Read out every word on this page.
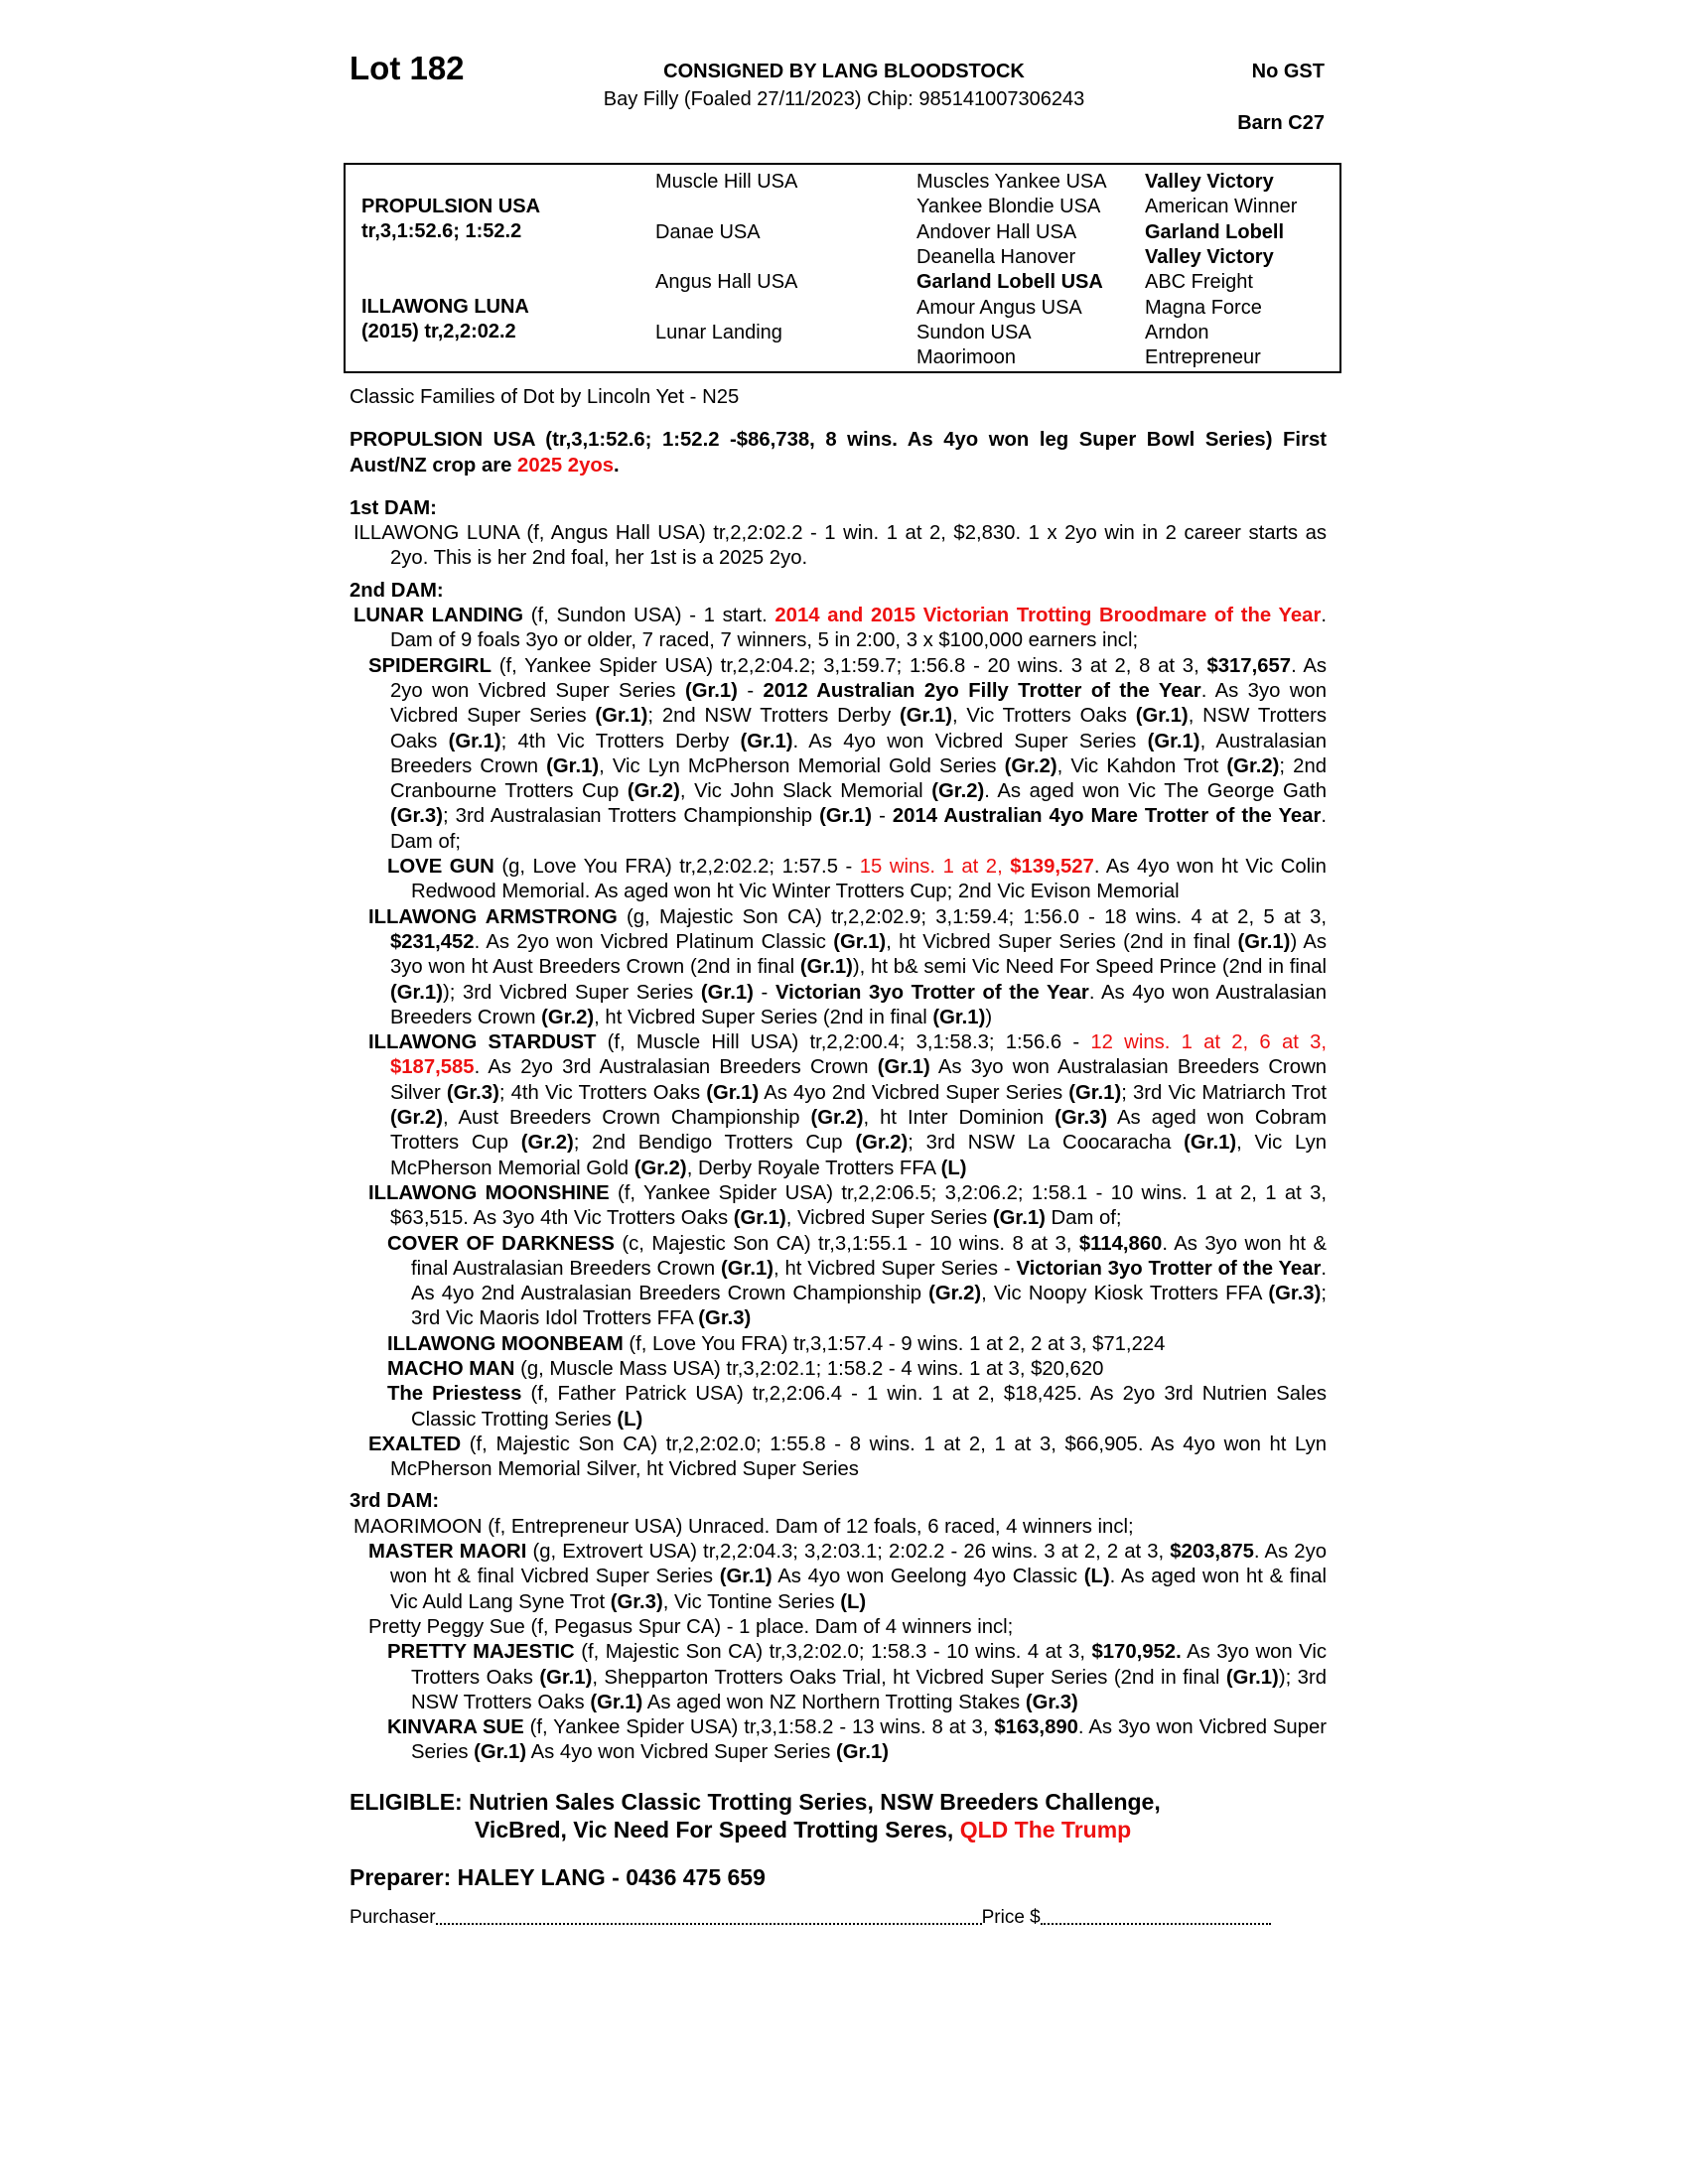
Lot 182	CONSIGNED BY LANG BLOODSTOCK
Bay Filly (Foaled 27/11/2023) Chip: 985141007306243
No GST
Barn C27
PROPULSION USA
tr,3,1:52.6; 1:52.2
ILLAWONG LUNA
(2015) tr,2,2:02.2
Muscle Hill USA
Danae USA
Angus Hall USA
Lunar Landing
Muscles Yankee USA
Yankee Blondie USA
Andover Hall USA
Deanella Hanover
Garland Lobell USA
Amour Angus USA
Sundon USA
Maorimoon
Valley Victory
American Winner
Garland Lobell
Valley Victory
ABC Freight
Magna Force
Arndon
Entrepreneur

Classic Families of Dot by Lincoln Yet - N25

PROPULSION USA (tr,3,1:52.6; 1:52.2 -$86,738, 8 wins. As 4yo won leg Super Bowl Series) First Aust/NZ crop are 2025 2yos.

1st DAM:

ILLAWONG LUNA (f, Angus Hall USA) tr,2,2:02.2 - 1 win. 1 at 2, $2,830. 1 x 2yo win in 2 career starts as 2yo. This is her 2nd foal, her 1st is a 2025 2yo.

2nd DAM:

LUNAR LANDING (f, Sundon USA) - 1 start. 2014 and 2015 Victorian Trotting Broodmare of the Year. Dam of 9 foals 3yo or older, 7 raced, 7 winners, 5 in 2:00, 3 x $100,000 earners incl;

SPIDERGIRL (f, Yankee Spider USA) tr,2,2:04.2; 3,1:59.7; 1:56.8 - 20 wins. 3 at 2, 8 at 3, $317,657. As 2yo won Vicbred Super Series (Gr.1) - 2012 Australian 2yo Filly Trotter of the Year. As 3yo won Vicbred Super Series (Gr.1); 2nd NSW Trotters Derby (Gr.1), Vic Trotters Oaks (Gr.1), NSW Trotters Oaks (Gr.1); 4th Vic Trotters Derby (Gr.1). As 4yo won Vicbred Super Series (Gr.1), Australasian Breeders Crown (Gr.1), Vic Lyn McPherson Memorial Gold Series (Gr.2), Vic Kahdon Trot (Gr.2); 2nd Cranbourne Trotters Cup (Gr.2), Vic John Slack Memorial (Gr.2). As aged won Vic The George Gath (Gr.3); 3rd Australasian Trotters Championship (Gr.1) - 2014 Australian 4yo Mare Trotter of the Year. Dam of;

LOVE GUN (g, Love You FRA) tr,2,2:02.2; 1:57.5 - 15 wins. 1 at 2, $139,527. As 4yo won ht Vic Colin Redwood Memorial. As aged won ht Vic Winter Trotters Cup; 2nd Vic Evison Memorial

ILLAWONG ARMSTRONG (g, Majestic Son CA) tr,2,2:02.9; 3,1:59.4; 1:56.0 - 18 wins. 4 at 2, 5 at 3, $231,452. As 2yo won Vicbred Platinum Classic (Gr.1), ht Vicbred Super Series (2nd in final (Gr.1)) As 3yo won ht Aust Breeders Crown (2nd in final (Gr.1)), ht b& semi Vic Need For Speed Prince (2nd in final (Gr.1)); 3rd Vicbred Super Series (Gr.1) - Victorian 3yo Trotter of the Year. As 4yo won Australasian Breeders Crown (Gr.2), ht Vicbred Super Series (2nd in final (Gr.1))

ILLAWONG STARDUST (f, Muscle Hill USA) tr,2,2:00.4; 3,1:58.3; 1:56.6 - 12 wins. 1 at 2, 6 at 3, $187,585. As 2yo 3rd Australasian Breeders Crown (Gr.1) As 3yo won Australasian Breeders Crown Silver (Gr.3); 4th Vic Trotters Oaks (Gr.1) As 4yo 2nd Vicbred Super Series (Gr.1); 3rd Vic Matriarch Trot (Gr.2), Aust Breeders Crown Championship (Gr.2), ht Inter Dominion (Gr.3) As aged won Cobram Trotters Cup (Gr.2); 2nd Bendigo Trotters Cup (Gr.2); 3rd NSW La Coocaracha (Gr.1), Vic Lyn McPherson Memorial Gold (Gr.2), Derby Royale Trotters FFA (L)

ILLAWONG MOONSHINE (f, Yankee Spider USA) tr,2,2:06.5; 3,2:06.2; 1:58.1 - 10 wins. 1 at 2, 1 at 3, $63,515. As 3yo 4th Vic Trotters Oaks (Gr.1), Vicbred Super Series (Gr.1) Dam of;

COVER OF DARKNESS (c, Majestic Son CA) tr,3,1:55.1 - 10 wins. 8 at 3, $114,860. As 3yo won ht & final Australasian Breeders Crown (Gr.1), ht Vicbred Super Series - Victorian 3yo Trotter of the Year. As 4yo 2nd Australasian Breeders Crown Championship (Gr.2), Vic Noopy Kiosk Trotters FFA (Gr.3); 3rd Vic Maoris Idol Trotters FFA (Gr.3)

ILLAWONG MOONBEAM (f, Love You FRA) tr,3,1:57.4 - 9 wins. 1 at 2, 2 at 3, $71,224

MACHO MAN (g, Muscle Mass USA) tr,3,2:02.1; 1:58.2 - 4 wins. 1 at 3, $20,620

The Priestess (f, Father Patrick USA) tr,2,2:06.4 - 1 win. 1 at 2, $18,425. As 2yo 3rd Nutrien Sales Classic Trotting Series (L)

EXALTED (f, Majestic Son CA) tr,2,2:02.0; 1:55.8 - 8 wins. 1 at 2, 1 at 3, $66,905. As 4yo won ht Lyn McPherson Memorial Silver, ht Vicbred Super Series

3rd DAM:

MAORIMOON (f, Entrepreneur USA) Unraced. Dam of 12 foals, 6 raced, 4 winners incl;

MASTER MAORI (g, Extrovert USA) tr,2,2:04.3; 3,2:03.1; 2:02.2 - 26 wins. 3 at 2, 2 at 3, $203,875. As 2yo won ht & final Vicbred Super Series (Gr.1) As 4yo won Geelong 4yo Classic (L). As aged won ht & final Vic Auld Lang Syne Trot (Gr.3), Vic Tontine Series (L)

Pretty Peggy Sue (f, Pegasus Spur CA) - 1 place. Dam of 4 winners incl;

PRETTY MAJESTIC (f, Majestic Son CA) tr,3,2:02.0; 1:58.3 - 10 wins. 4 at 3, $170,952. As 3yo won Vic Trotters Oaks (Gr.1), Shepparton Trotters Oaks Trial, ht Vicbred Super Series (2nd in final (Gr.1)); 3rd NSW Trotters Oaks (Gr.1) As aged won NZ Northern Trotting Stakes (Gr.3)

KINVARA SUE (f, Yankee Spider USA) tr,3,1:58.2 - 13 wins. 8 at 3, $163,890. As 3yo won Vicbred Super Series (Gr.1) As 4yo won Vicbred Super Series (Gr.1)

ELIGIBLE: Nutrien Sales Classic Trotting Series, NSW Breeders Challenge,
VicBred, Vic Need For Speed Trotting Seres, QLD The Trump

Preparer: HALEY LANG - 0436 475 659

Purchaser	Price $
